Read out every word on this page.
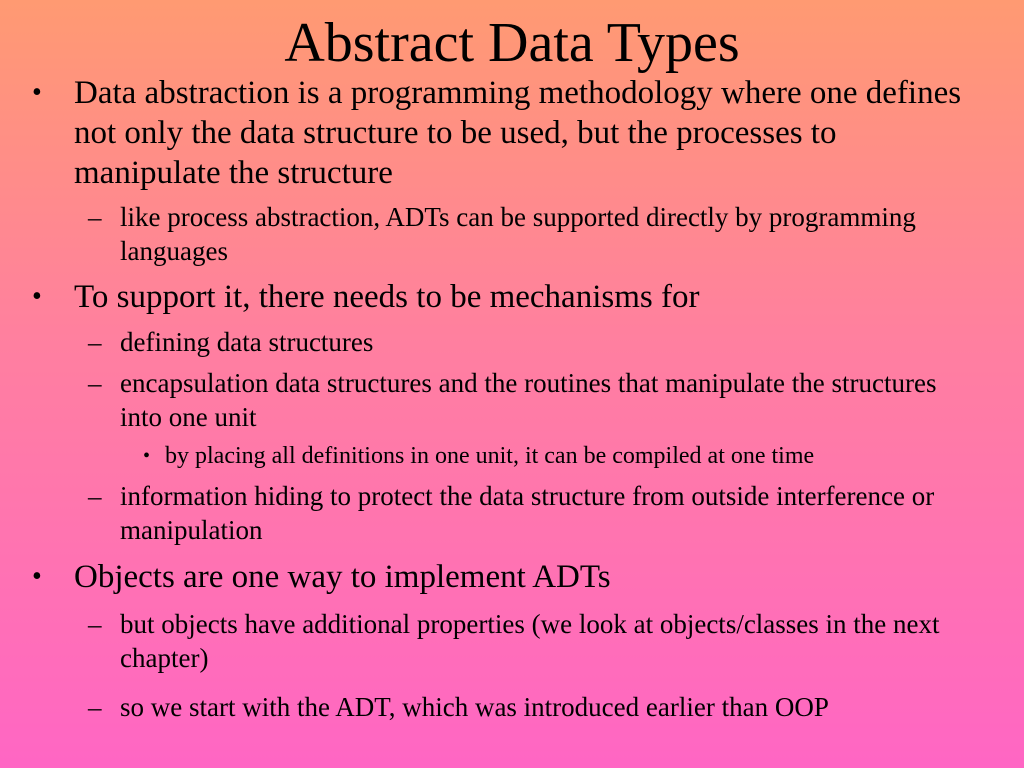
Abstract Data Types
• Data abstraction is a programming methodology where one defines not only the data structure to be used, but the processes to manipulate the structure
– like process abstraction, ADTs can be supported directly by programming languages
• To support it, there needs to be mechanisms for
– defining data structures
– encapsulation data structures and the routines that manipulate the structures into one unit
• by placing all definitions in one unit, it can be compiled at one time
– information hiding to protect the data structure from outside interference or manipulation
• Objects are one way to implement ADTs
– but objects have additional properties (we look at objects/classes in the next chapter)
– so we start with the ADT, which was introduced earlier than OOP
